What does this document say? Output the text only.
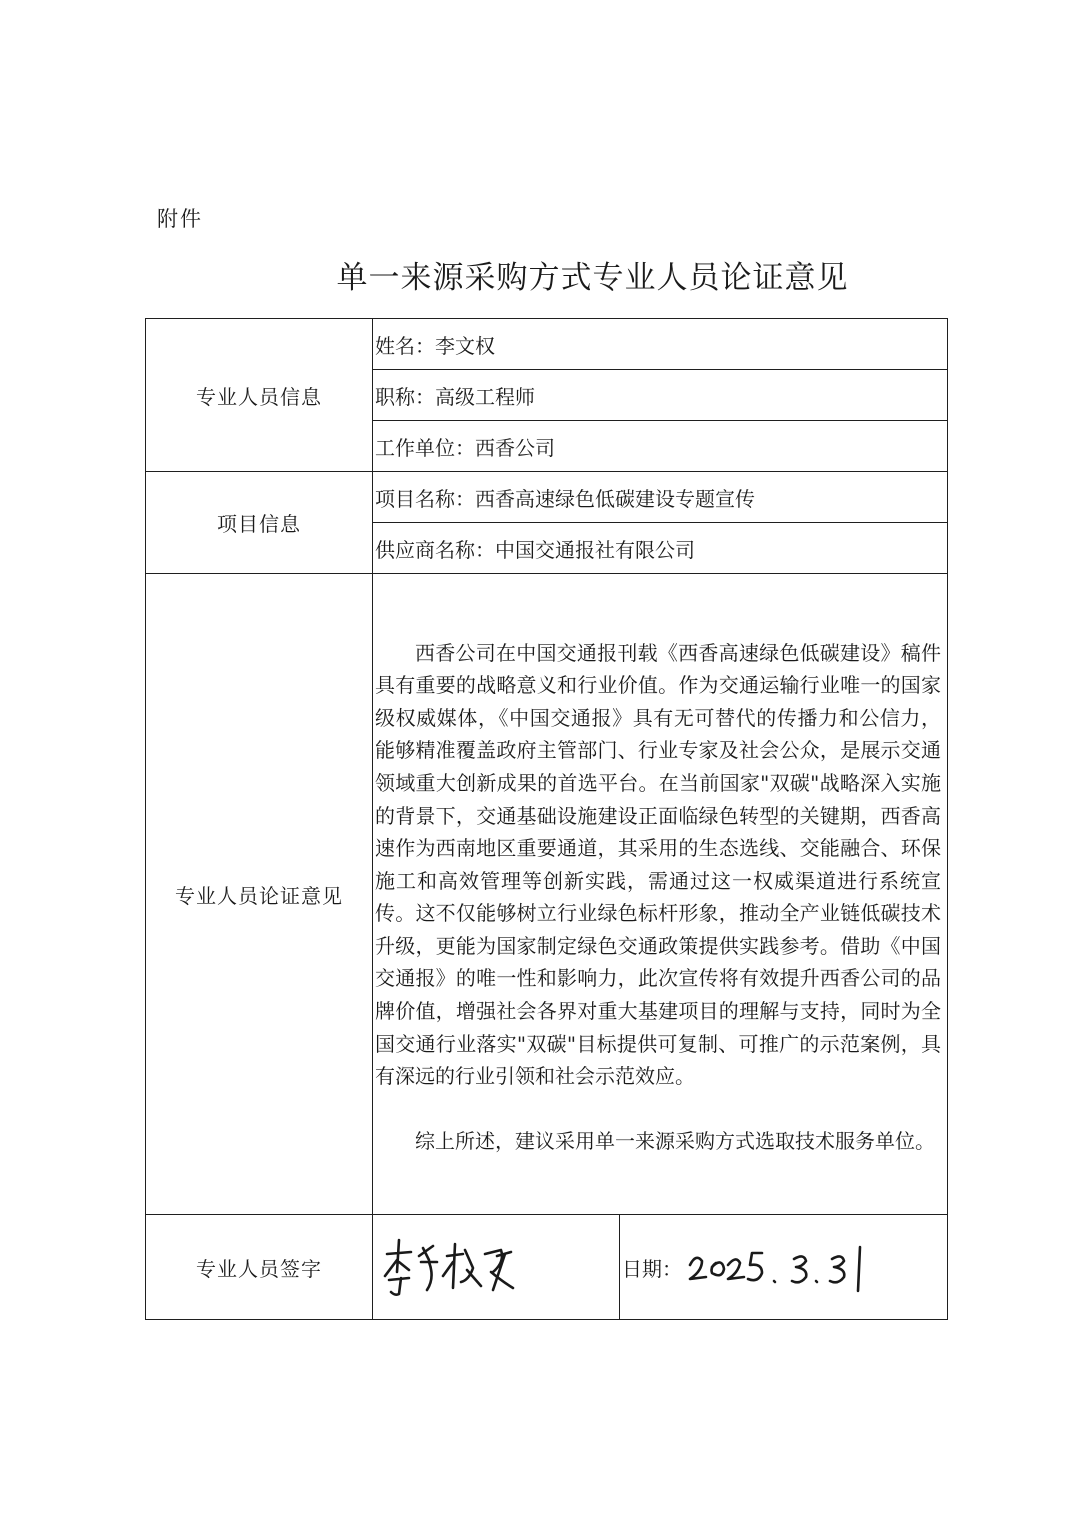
附件
单一来源采购方式专业人员论证意见
专业人员信息	姓名：李文权	
	职称：高级工程师	
	工作单位：西香公司	
项目信息	项目名称：西香高速绿色低碳建设专题宣传	
	供应商名称：中国交通报社有限公司	
专业人员论证意见	西香公司在中国交通报刊载《西香高速绿色低碳建设》稿件具有重要的战略意义和行业价值。作为交通运输行业唯一的国家级权威媒体，《中国交通报》具有无可替代的传播力和公信力，能够精准覆盖政府主管部门、行业专家及社会公众，是展示交通领域重大创新成果的首选平台。在当前国家"双碳"战略深入实施的背景下，交通基础设施建设正面临绿色转型的关键期，西香高速作为西南地区重要通道，其采用的生态选线、交能融合、环保施工和高效管理等创新实践，需通过这一权威渠道进行系统宣传。这不仅能够树立行业绿色标杆形象，推动全产业链低碳技术升级，更能为国家制定绿色交通政策提供实践参考。借助《中国交通报》的唯一性和影响力，此次宣传将有效提升西香公司的品牌价值，增强社会各界对重大基建项目的理解与支持，同时为全国交通行业落实"双碳"目标提供可复制、可推广的示范案例，具有深远的行业引领和社会示范效应。

综上所述，建议采用单一来源采购方式选取技术服务单位。	

专业人员签字		日期：
